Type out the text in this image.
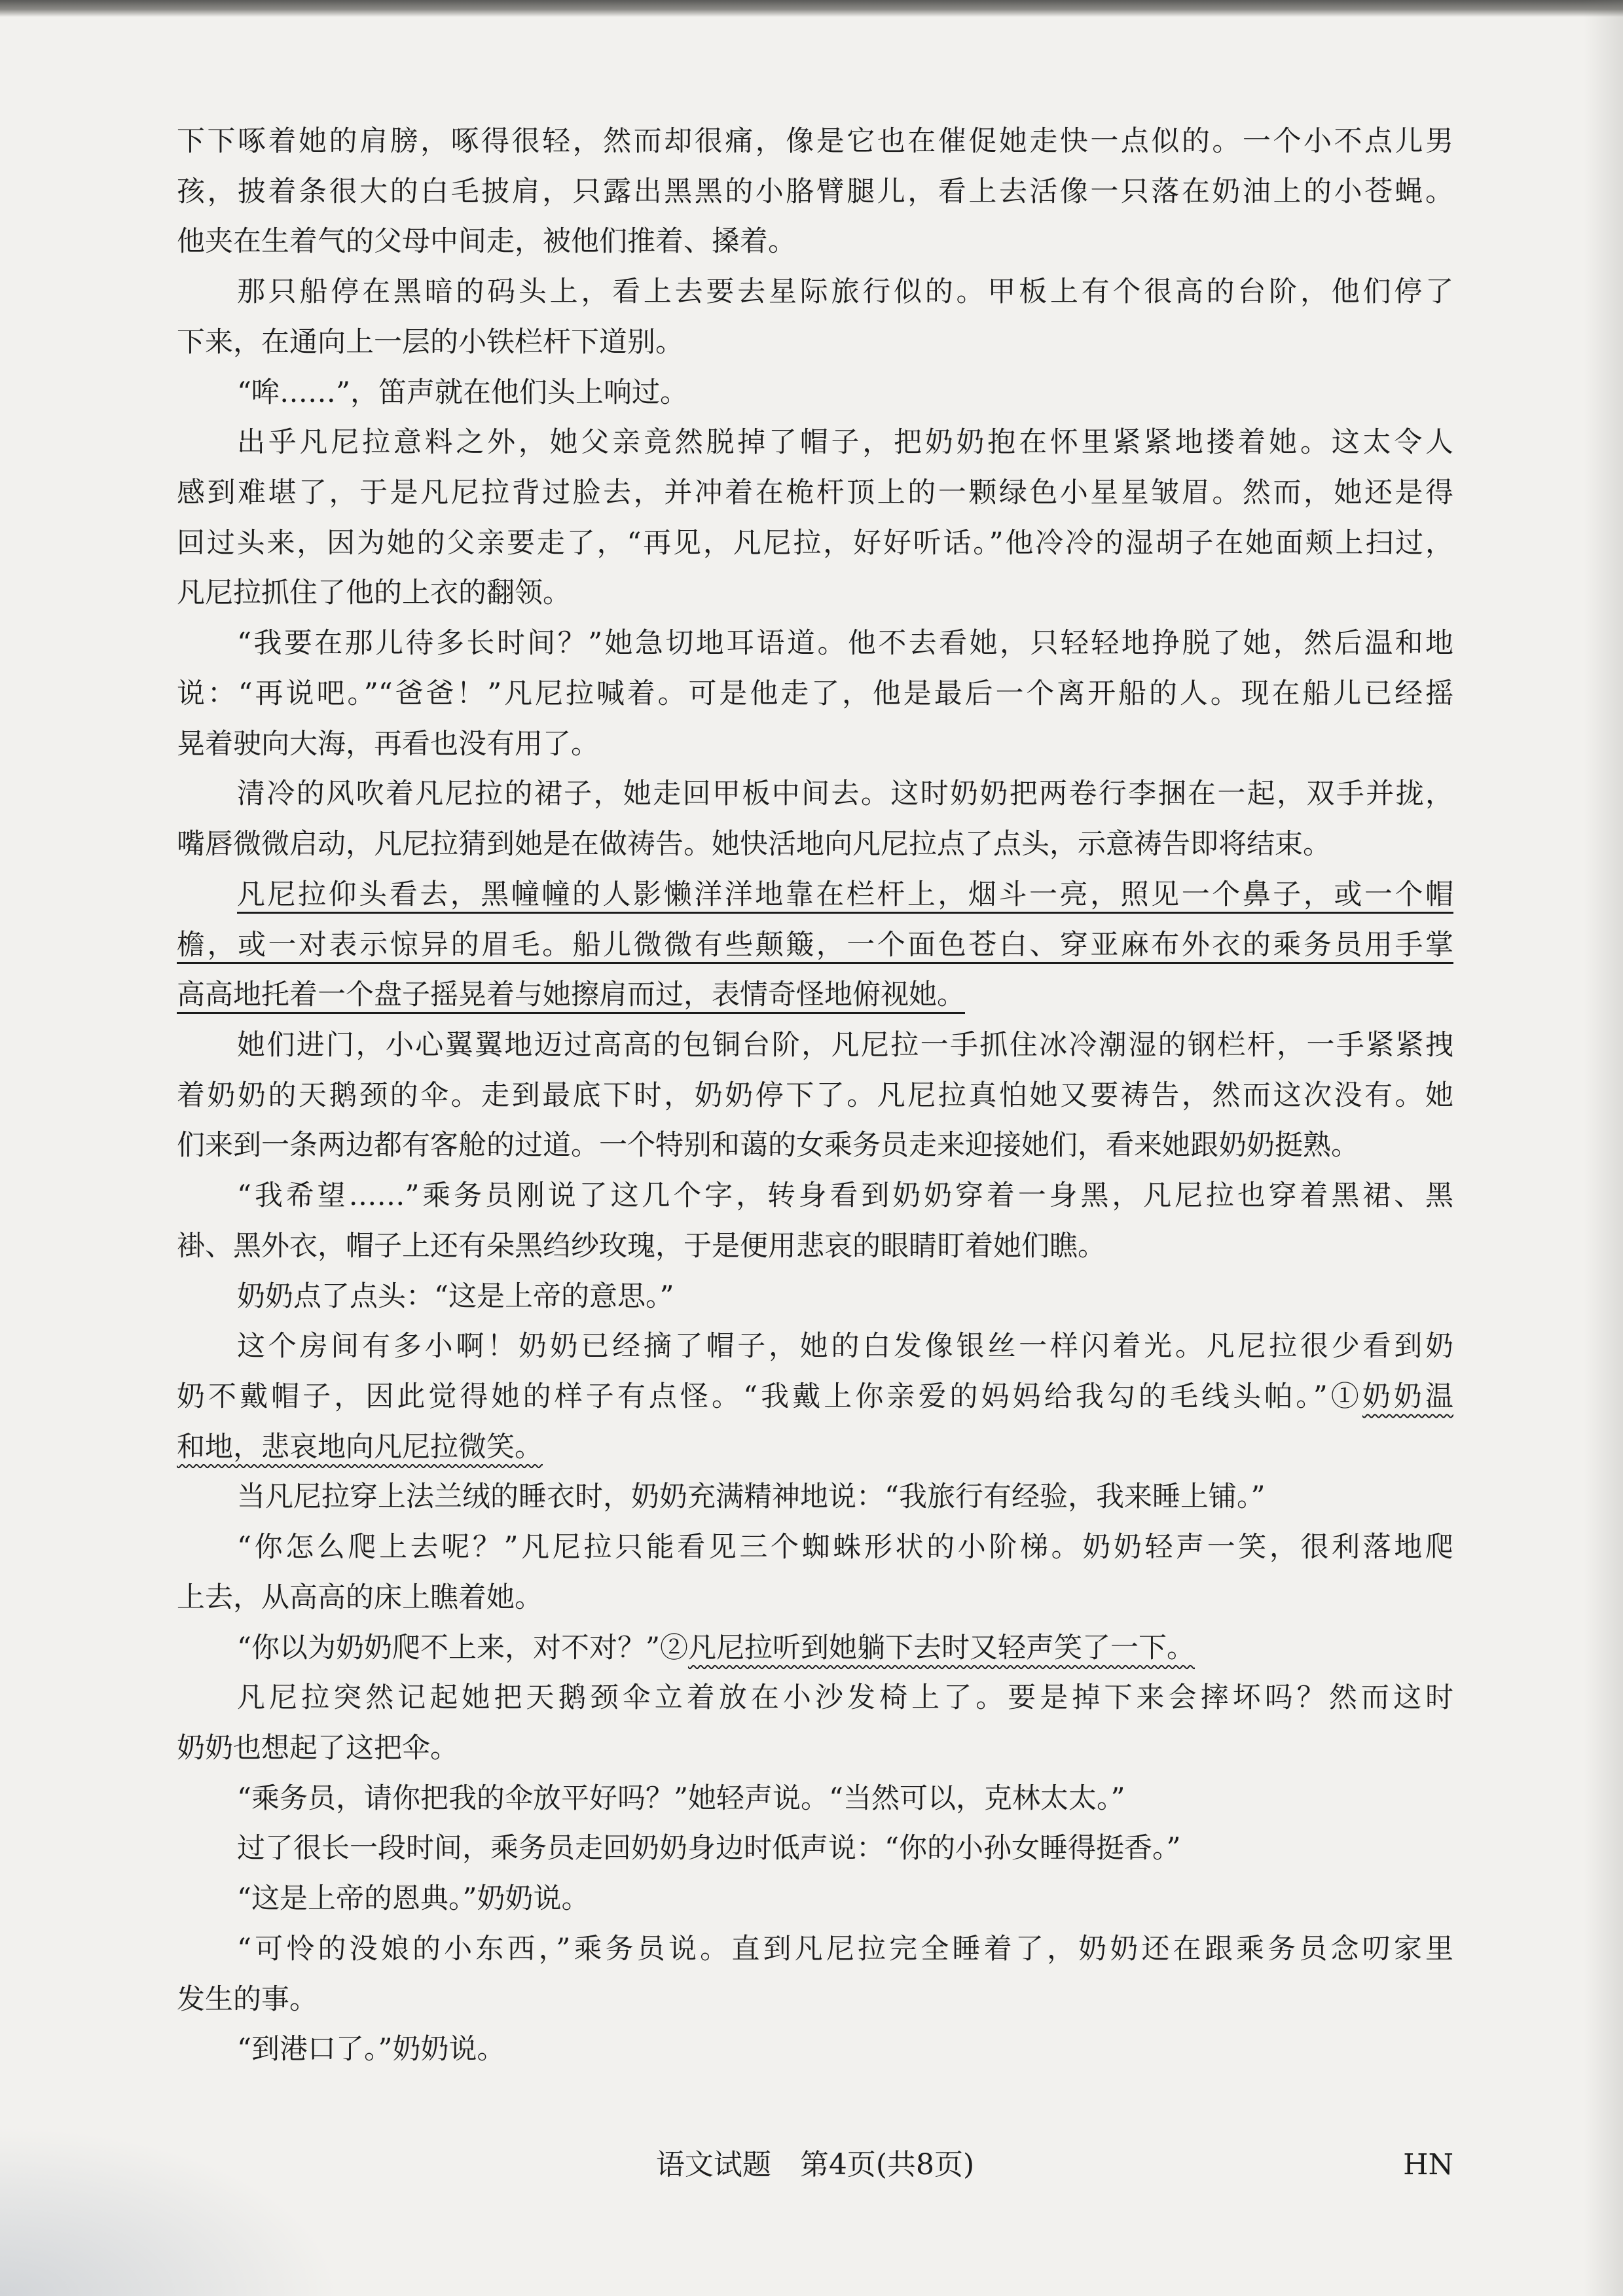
下下啄着她的肩膀，啄得很轻，然而却很痛，像是它也在催促她走快一点似的。一个小不点儿男
孩，披着条很大的白毛披肩，只露出黑黑的小胳臂腿儿，看上去活像一只落在奶油上的小苍蝇。
他夹在生着气的父母中间走，被他们推着、搡着。
那只船停在黑暗的码头上，看上去要去星际旅行似的。甲板上有个很高的台阶，他们停了
下来，在通向上一层的小铁栏杆下道别。
“哞……”，笛声就在他们头上响过。
出乎凡尼拉意料之外，她父亲竟然脱掉了帽子，把奶奶抱在怀里紧紧地搂着她。这太令人
感到难堪了，于是凡尼拉背过脸去，并冲着在桅杆顶上的一颗绿色小星星皱眉。然而，她还是得
回过头来，因为她的父亲要走了，“再见，凡尼拉，好好听话。”他冷冷的湿胡子在她面颊上扫过，
凡尼拉抓住了他的上衣的翻领。
“我要在那儿待多长时间？”她急切地耳语道。他不去看她，只轻轻地挣脱了她，然后温和地
说：“再说吧。”“爸爸！”凡尼拉喊着。可是他走了，他是最后一个离开船的人。现在船儿已经摇
晃着驶向大海，再看也没有用了。
清冷的风吹着凡尼拉的裙子，她走回甲板中间去。这时奶奶把两卷行李捆在一起，双手并拢，
嘴唇微微启动，凡尼拉猜到她是在做祷告。她快活地向凡尼拉点了点头，示意祷告即将结束。
凡尼拉仰头看去，黑幢幢的人影懒洋洋地靠在栏杆上，烟斗一亮，照见一个鼻子，或一个帽
檐，或一对表示惊异的眉毛。船儿微微有些颠簸，一个面色苍白、穿亚麻布外衣的乘务员用手掌
高高地托着一个盘子摇晃着与她擦肩而过，表情奇怪地俯视她。
她们进门，小心翼翼地迈过高高的包铜台阶，凡尼拉一手抓住冰冷潮湿的钢栏杆，一手紧紧拽
着奶奶的天鹅颈的伞。走到最底下时，奶奶停下了。凡尼拉真怕她又要祷告，然而这次没有。她
们来到一条两边都有客舱的过道。一个特别和蔼的女乘务员走来迎接她们，看来她跟奶奶挺熟。
“我希望……”乘务员刚说了这几个字，转身看到奶奶穿着一身黑，凡尼拉也穿着黑裙、黑
褂、黑外衣，帽子上还有朵黑绉纱玫瑰，于是便用悲哀的眼睛盯着她们瞧。
奶奶点了点头：“这是上帝的意思。”
这个房间有多小啊！奶奶已经摘了帽子，她的白发像银丝一样闪着光。凡尼拉很少看到奶
奶不戴帽子，因此觉得她的样子有点怪。“我戴上你亲爱的妈妈给我勾的毛线头帕。”①奶奶温
和地，悲哀地向凡尼拉微笑。
当凡尼拉穿上法兰绒的睡衣时，奶奶充满精神地说：“我旅行有经验，我来睡上铺。”
“你怎么爬上去呢？”凡尼拉只能看见三个蜘蛛形状的小阶梯。奶奶轻声一笑，很利落地爬
上去，从高高的床上瞧着她。
“你以为奶奶爬不上来，对不对？”②凡尼拉听到她躺下去时又轻声笑了一下。
凡尼拉突然记起她把天鹅颈伞立着放在小沙发椅上了。要是掉下来会摔坏吗？然而这时
奶奶也想起了这把伞。
“乘务员，请你把我的伞放平好吗？”她轻声说。“当然可以，克林太太。”
过了很长一段时间，乘务员走回奶奶身边时低声说：“你的小孙女睡得挺香。”
“这是上帝的恩典。”奶奶说。
“可怜的没娘的小东西，”乘务员说。直到凡尼拉完全睡着了，奶奶还在跟乘务员念叨家里
发生的事。
“到港口了。”奶奶说。
语文试题　第4页(共8页)	HN
